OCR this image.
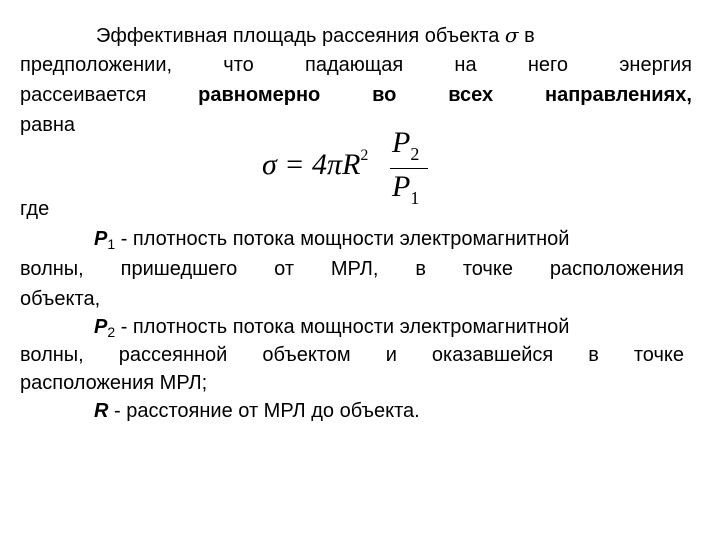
Эффективная площадь рассеяния объекта σ в
предположении,	что	падающая	на	него	энергия
рассеивается	равномерно	во	всех	направлениях,
равна
$\sigma = 4\pi R^2$ $P_2$
$P_1$
где
$P_1$ - плотность потока мощности электромагнитной
волны, пришедшего от МРЛ, в точке расположения
объекта,
$P_2$ - плотность потока мощности электромагнитной
волны, рассеянной объектом и оказавшейся в точке
расположения МРЛ;
R - расстояние от МРЛ до объекта.
